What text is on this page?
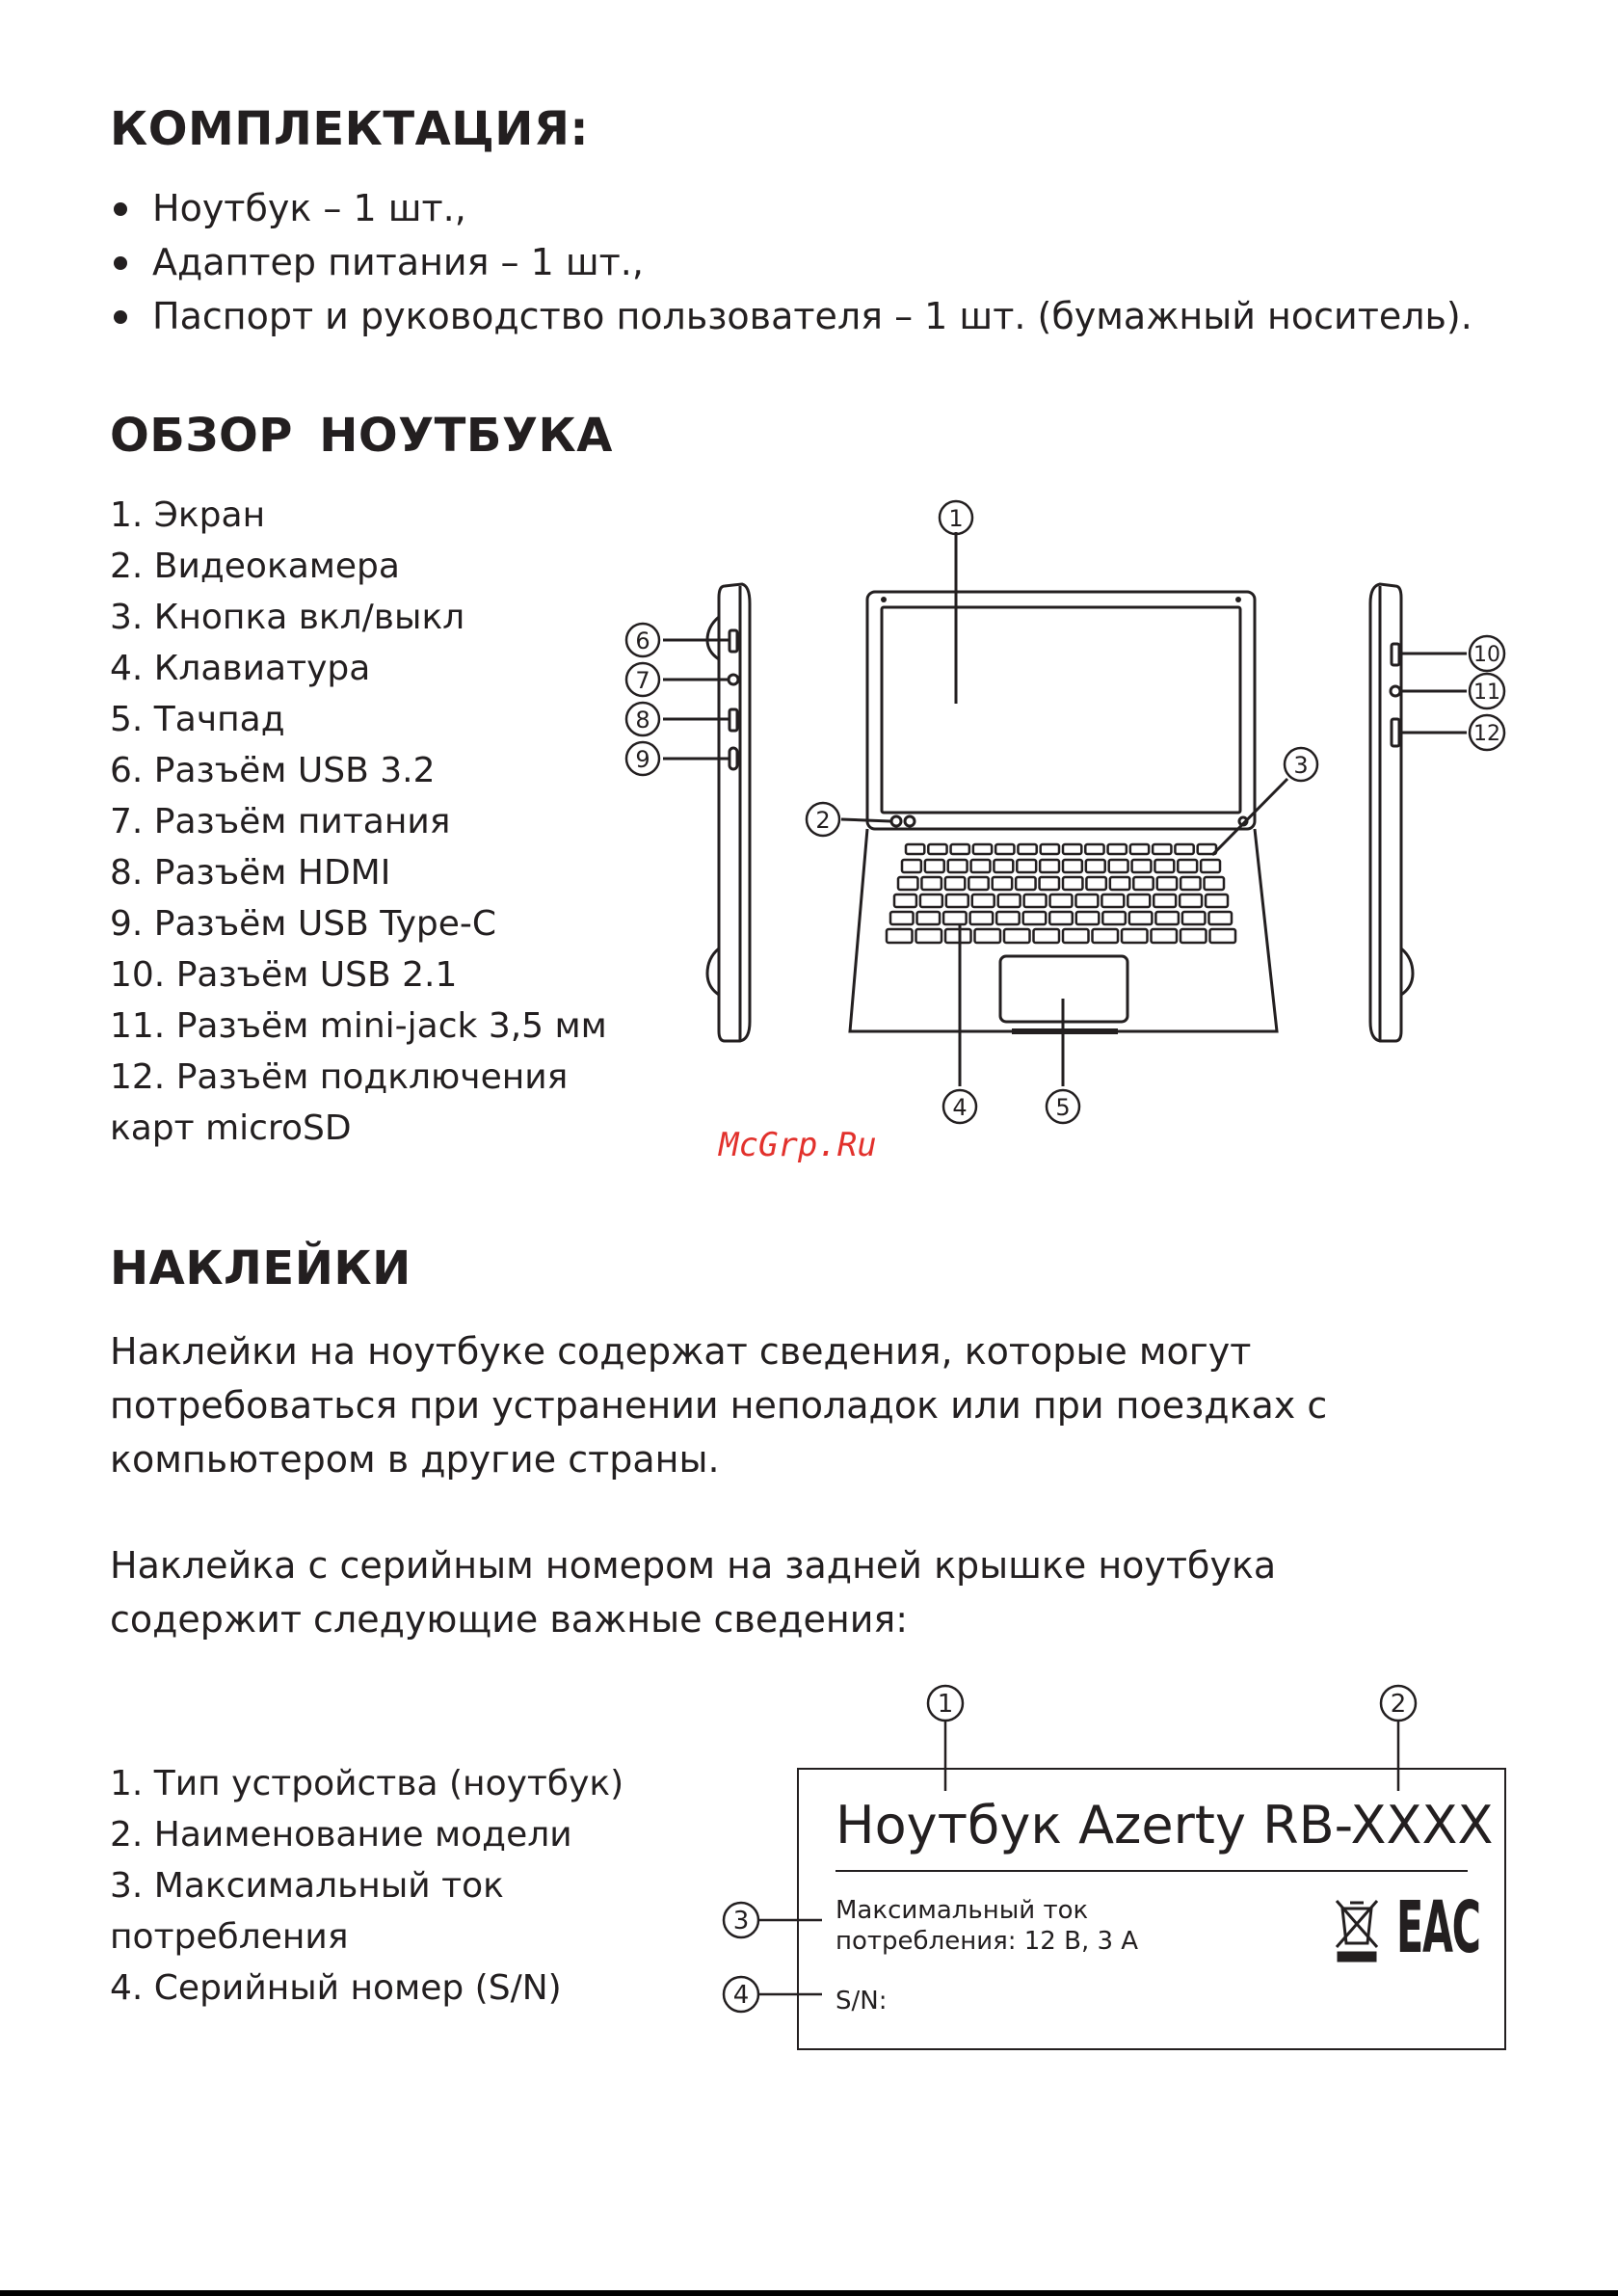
КОМПЛЕКТАЦИЯ:
Ноутбук – 1 шт.,
Адаптер питания – 1 шт.,
Паспорт и руководство пользователя – 1 шт. (бумажный носитель).
ОБЗОР НОУТБУКА
1. Экран
2. Видеокамера
3. Кнопка вкл/выкл
4. Клавиатура
5. Тачпад
6. Разъём USB 3.2
7. Разъём питания
8. Разъём HDMI
9. Разъём USB Type-C
10. Разъём USB 2.1
11. Разъём mini-jack 3,5 мм
12. Разъём подключения
карт microSD
1
2
3
4	5
6
7
8
9
10
11
12
McGrp.Ru
НАКЛЕЙКИ
Наклейки на ноутбуке содержат сведения, которые могут
потребоваться при устранении неполадок или при поездках с
компьютером в другие страны.
Наклейка с серийным номером на задней крышке ноутбука
содержит следующие важные сведения:
1. Тип устройства (ноутбук)
2. Наименование модели
3. Максимальный ток
потребления
4. Серийный номер (S/N)
Ноутбук Azerty RB-XXXX
Максимальный ток
потребления: 12 В, 3 А
S/N:
EAC
1	2
3
4
